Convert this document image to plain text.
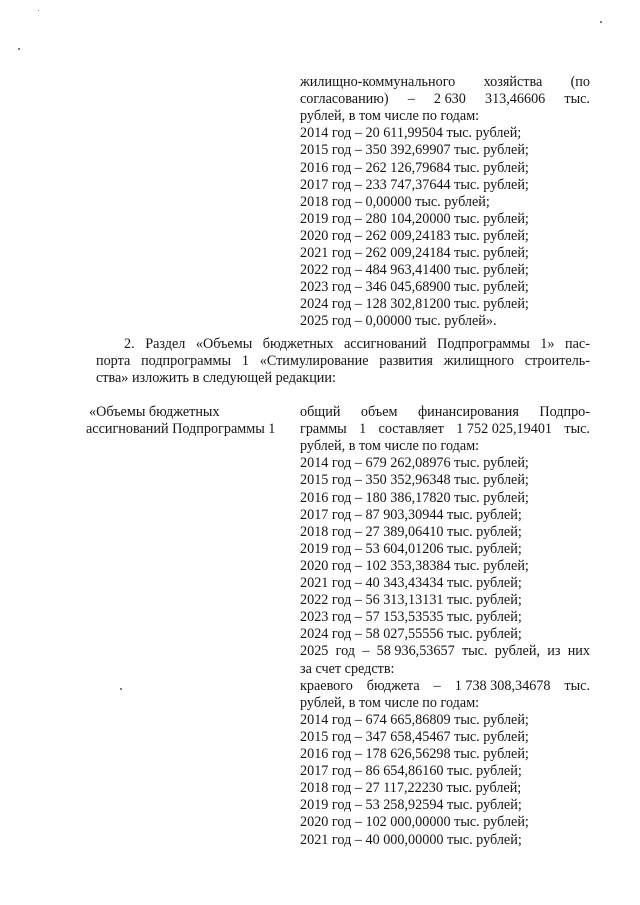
жилищно-коммунального хозяйства (по
согласованию) – 2 630 313,46606 тыс.
рублей, в том числе по годам:
2014 год – 20 611,99504 тыс. рублей;
2015 год – 350 392,69907 тыс. рублей;
2016 год – 262 126,79684 тыс. рублей;
2017 год – 233 747,37644 тыс. рублей;
2018 год – 0,00000 тыс. рублей;
2019 год – 280 104,20000 тыс. рублей;
2020 год – 262 009,24183 тыс. рублей;
2021 год – 262 009,24184 тыс. рублей;
2022 год – 484 963,41400 тыс. рублей;
2023 год – 346 045,68900 тыс. рублей;
2024 год – 128 302,81200 тыс. рублей;
2025 год – 0,00000 тыс. рублей».
2. Раздел «Объемы бюджетных ассигнований Подпрограммы 1» пас-
порта подпрограммы 1 «Стимулирование развития жилищного строитель-
ства» изложить в следующей редакции:
«Объемы бюджетных
ассигнований Подпрограммы 1
общий объем финансирования Подпро-
граммы 1 составляет 1 752 025,19401 тыс.
рублей, в том числе по годам:
2014 год – 679 262,08976 тыс. рублей;
2015 год – 350 352,96348 тыс. рублей;
2016 год – 180 386,17820 тыс. рублей;
2017 год – 87 903,30944 тыс. рублей;
2018 год – 27 389,06410 тыс. рублей;
2019 год – 53 604,01206 тыс. рублей;
2020 год – 102 353,38384 тыс. рублей;
2021 год – 40 343,43434 тыс. рублей;
2022 год – 56 313,13131 тыс. рублей;
2023 год – 57 153,53535 тыс. рублей;
2024 год – 58 027,55556 тыс. рублей;
2025 год – 58 936,53657 тыс. рублей, из них
за счет средств:
краевого бюджета – 1 738 308,34678 тыс.
рублей, в том числе по годам:
2014 год – 674 665,86809 тыс. рублей;
2015 год – 347 658,45467 тыс. рублей;
2016 год – 178 626,56298 тыс. рублей;
2017 год – 86 654,86160 тыс. рублей;
2018 год – 27 117,22230 тыс. рублей;
2019 год – 53 258,92594 тыс. рублей;
2020 год – 102 000,00000 тыс. рублей;
2021 год – 40 000,00000 тыс. рублей;
